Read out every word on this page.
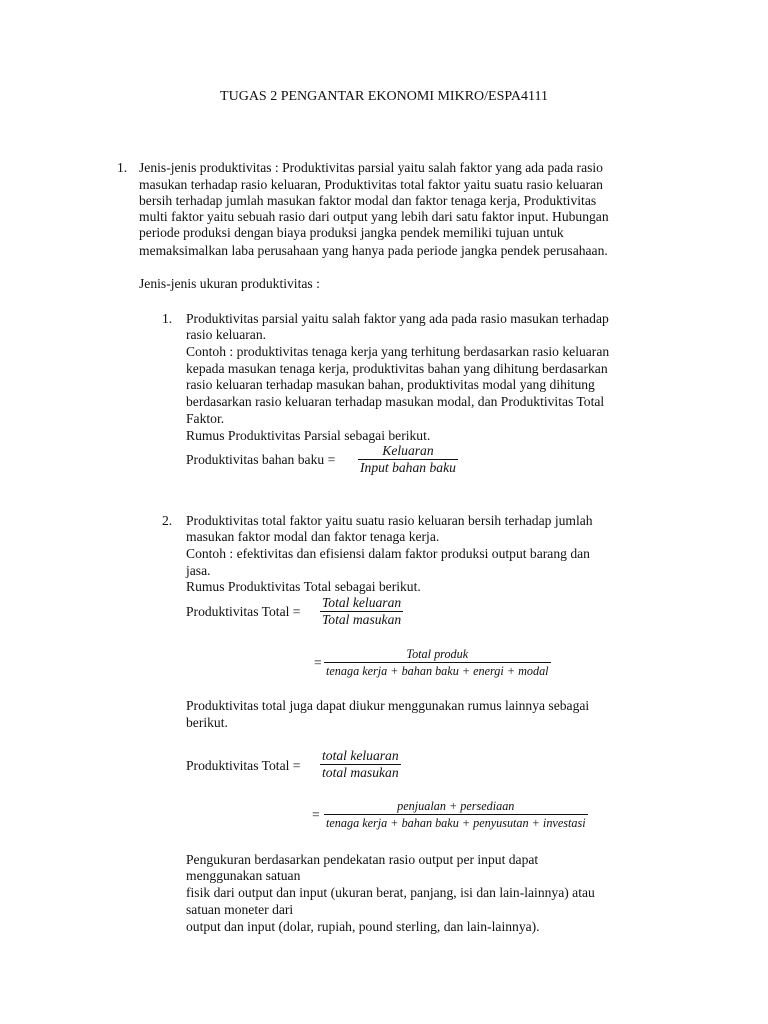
TUGAS 2 PENGANTAR EKONOMI MIKRO/ESPA4111
1. Jenis-jenis produktivitas : Produktivitas parsial yaitu salah faktor yang ada pada rasio
masukan terhadap rasio keluaran, Produktivitas total faktor yaitu suatu rasio keluaran
bersih terhadap jumlah masukan faktor modal dan faktor tenaga kerja, Produktivitas
multi faktor yaitu sebuah rasio dari output yang lebih dari satu faktor input. Hubungan
periode produksi dengan biaya produksi jangka pendek memiliki tujuan untuk
memaksimalkan laba perusahaan yang hanya pada periode jangka pendek perusahaan.
Jenis-jenis ukuran produktivitas :
1. Produktivitas parsial yaitu salah faktor yang ada pada rasio masukan terhadap
rasio keluaran.
Contoh : produktivitas tenaga kerja yang terhitung berdasarkan rasio keluaran
kepada masukan tenaga kerja, produktivitas bahan yang dihitung berdasarkan
rasio keluaran terhadap masukan bahan, produktivitas modal yang dihitung
berdasarkan rasio keluaran terhadap masukan modal, dan Produktivitas Total
Faktor.
Rumus Produktivitas Parsial sebagai berikut.
Produktivitas bahan baku =
Keluaran
Input bahan baku
2. Produktivitas total faktor yaitu suatu rasio keluaran bersih terhadap jumlah
masukan faktor modal dan faktor tenaga kerja.
Contoh : efektivitas dan efisiensi dalam faktor produksi output barang dan
jasa.
Rumus Produktivitas Total sebagai berikut.
Produktivitas Total =
Total keluaran
Total masukan
=
Total produk
tenaga kerja + bahan baku + energi + modal
Produktivitas total juga dapat diukur menggunakan rumus lainnya sebagai
berikut.
Produktivitas Total =
total keluaran
total masukan
=
penjualan + persediaan
tenaga kerja + bahan baku + penyusutan + investasi
Pengukuran berdasarkan pendekatan rasio output per input dapat
menggunakan satuan
fisik dari output dan input (ukuran berat, panjang, isi dan lain-lainnya) atau
satuan moneter dari
output dan input (dolar, rupiah, pound sterling, dan lain-lainnya).
